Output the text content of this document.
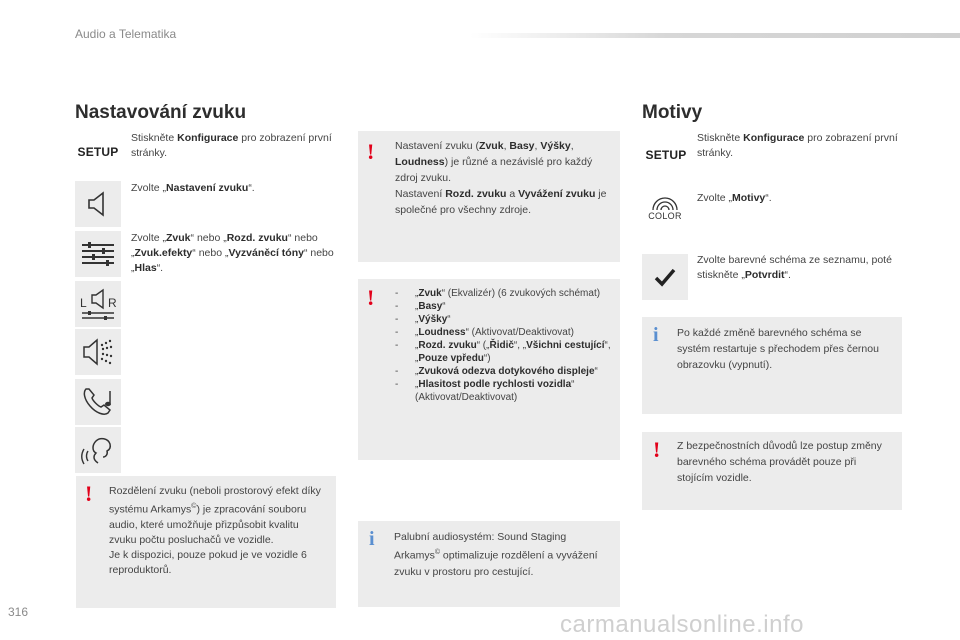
Audio a Telematika
Nastavování zvuku
SETUP
Stiskněte Konfigurace pro zobrazení první stránky.
Zvolte „Nastavení zvuku“.
Zvolte „Zvuk“ nebo „Rozd. zvuku“ nebo „Zvuk.efekty“ nebo „Vyzváněcí tóny“ nebo „Hlas“.
L R
! Rozdělení zvuku (neboli prostorový efekt díky systému Arkamys©) je zpracování souboru audio, které umožňuje přizpůsobit kvalitu zvuku počtu posluchačů ve vozidle.
Je k dispozici, pouze pokud je ve vozidle 6 reproduktorů.
! Nastavení zvuku (Zvuk, Basy, Výšky, Loudness) je různé a nezávislé pro každý zdroj zvuku.
Nastavení Rozd. zvuku a Vyvážení zvuku je společné pro všechny zdroje.
! -	„Zvuk“ (Ekvalizér) (6 zvukových schémat)
-	„Basy“
-	„Výšky“
-	„Loudness“ (Aktivovat/Deaktivovat)
-	„Rozd. zvuku“ („Řidič“, „Všichni cestující“, „Pouze vpředu“)
-	„Zvuková odezva dotykového displeje“
-	„Hlasitost podle rychlosti vozidla“ (Aktivovat/Deaktivovat)
i Palubní audiosystém: Sound Staging Arkamys© optimalizuje rozdělení a vyvážení zvuku v prostoru pro cestující.
Motivy
SETUP
Stiskněte Konfigurace pro zobrazení první stránky.
COLOR
Zvolte „Motivy“.
Zvolte barevné schéma ze seznamu, poté stiskněte „Potvrdit“.
i Po každé změně barevného schéma se systém restartuje s přechodem přes černou obrazovku (vypnutí).
! Z bezpečnostních důvodů lze postup změny barevného schéma provádět pouze při stojícím vozidle.
316	carmanualsonline.info
